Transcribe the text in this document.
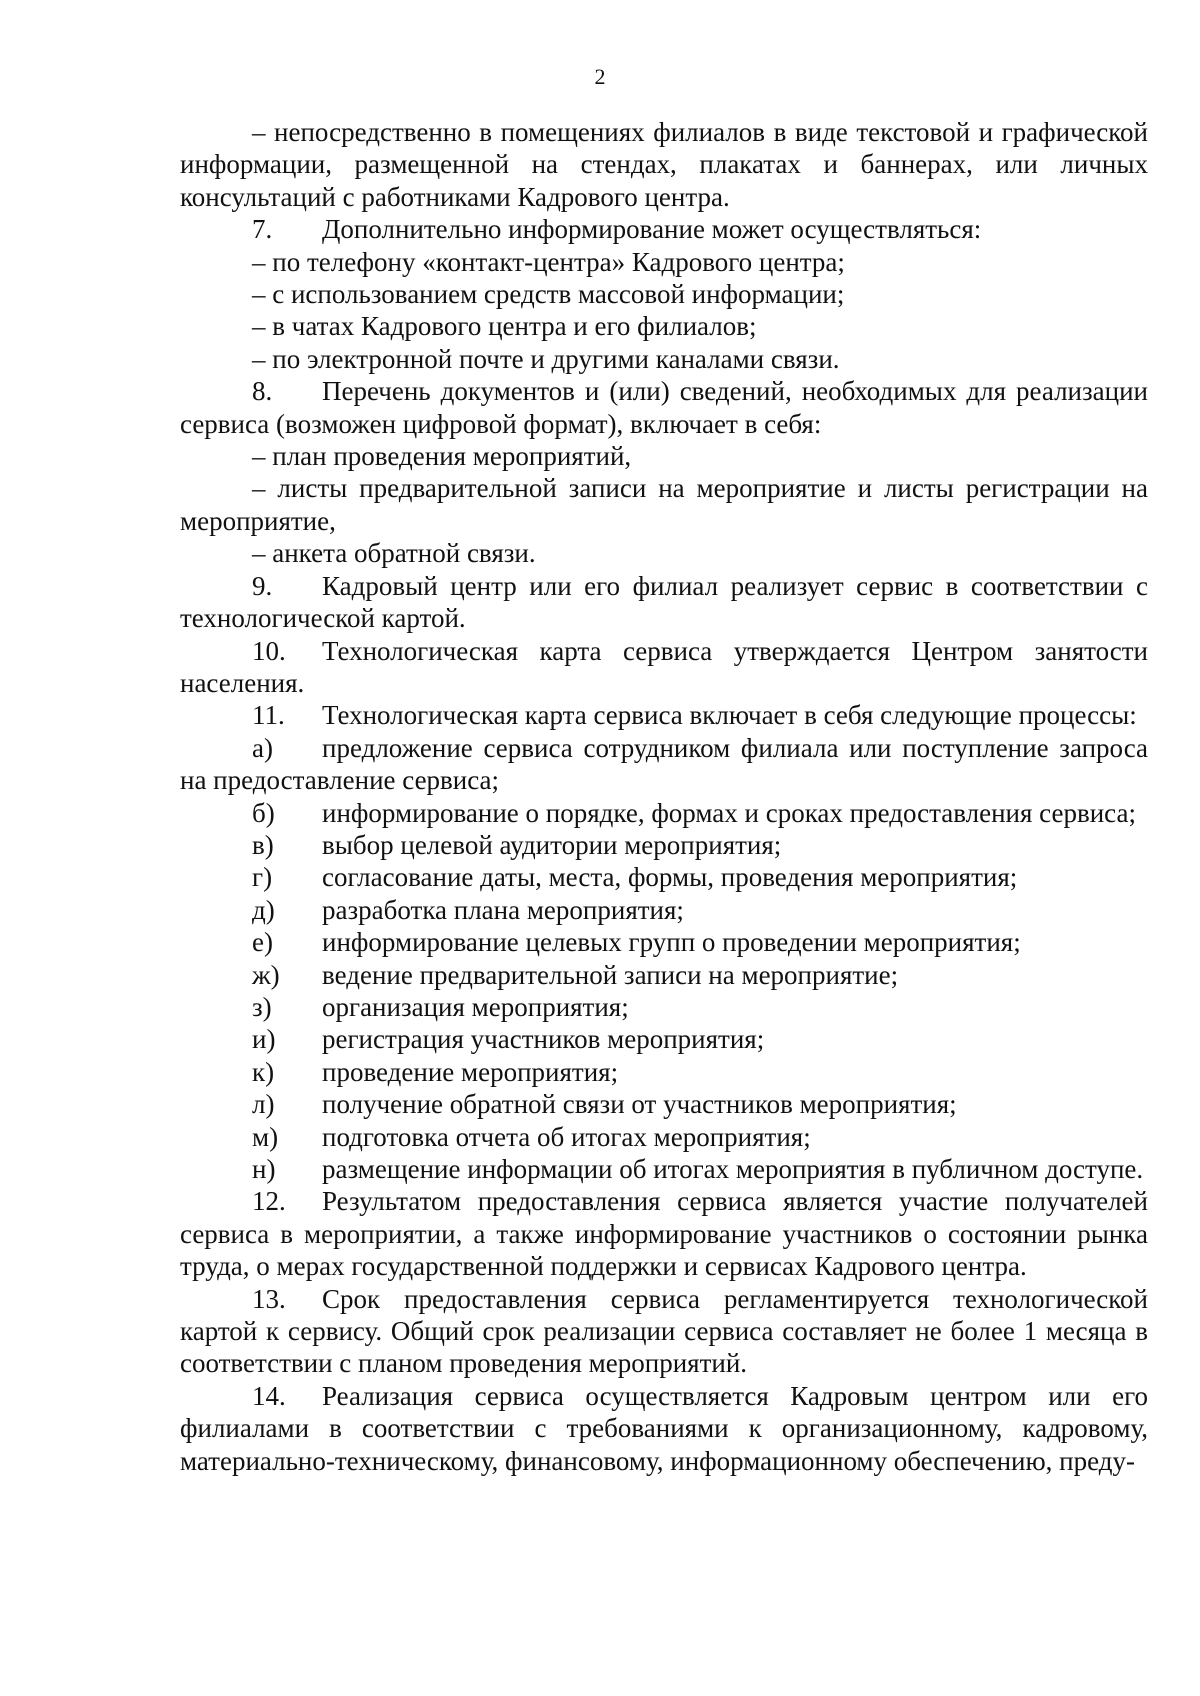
2

– непосредственно в помещениях филиалов в виде текстовой и графической информации, размещенной на стендах, плакатах и баннерах, или личных консультаций с работниками Кадрового центра.

7. Дополнительно информирование может осуществляться:

– по телефону «контакт-центра» Кадрового центра;

– с использованием средств массовой информации;

– в чатах Кадрового центра и его филиалов;

– по электронной почте и другими каналами связи.

8. Перечень документов и (или) сведений, необходимых для реализации сервиса (возможен цифровой формат), включает в себя:

– план проведения мероприятий,

– листы предварительной записи на мероприятие и листы регистрации на мероприятие,

– анкета обратной связи.

9. Кадровый центр или его филиал реализует сервис в соответствии с технологической картой.

10. Технологическая карта сервиса утверждается Центром занятости населения.

11. Технологическая карта сервиса включает в себя следующие процессы:

а) предложение сервиса сотрудником филиала или поступление запроса на предоставление сервиса;

б) информирование о порядке, формах и сроках предоставления сервиса;

в)	выбор целевой аудитории мероприятия;
г)	согласование даты, места, формы, проведения мероприятия;
д)	разработка плана мероприятия;
е)	информирование целевых групп о проведении мероприятия;
ж)	ведение предварительной записи на мероприятие;
з)	организация мероприятия;
и)	регистрация участников мероприятия;
к)	проведение мероприятия;
л)	получение обратной связи от участников мероприятия;
м)	подготовка отчета об итогах мероприятия;

н) размещение информации об итогах мероприятия в публичном доступе.

12. Результатом предоставления сервиса является участие получателей сервиса в мероприятии, а также информирование участников о состоянии рынка труда, о мерах государственной поддержки и сервисах Кадрового центра.

13. Срок предоставления сервиса регламентируется технологической картой к сервису. Общий срок реализации сервиса составляет не более 1 месяца в соответствии с планом проведения мероприятий.

14. Реализация сервиса осуществляется Кадровым центром или его филиалами в соответствии с требованиями к организационному, кадровому, материально-техническому, финансовому, информационному обеспечению, преду-
